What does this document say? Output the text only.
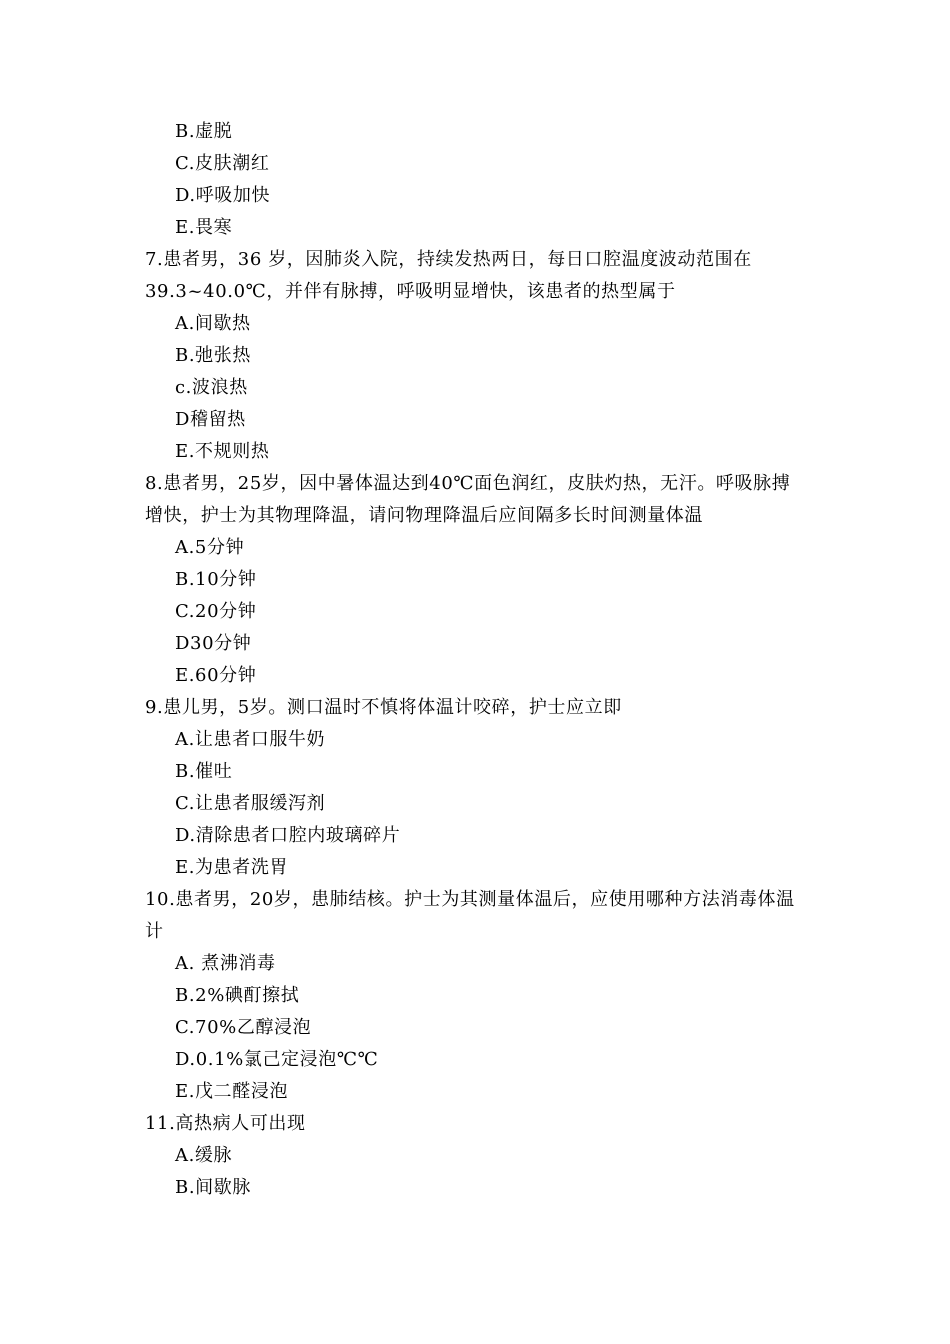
B.虚脱
C.皮肤潮红
D.呼吸加快
E.畏寒
7.患者男，36 岁，因肺炎入院，持续发热两日，每日口腔温度波动范围在
39.3~40.0℃，并伴有脉搏，呼吸明显增快，该患者的热型属于
A.间歇热
B.弛张热
c.波浪热
D稽留热
E.不规则热
8.患者男，25岁，因中暑体温达到40℃面色润红，皮肤灼热，无汗。呼吸脉搏
增快，护士为其物理降温，请问物理降温后应间隔多长时间测量体温
A.5分钟
B.10分钟
C.20分钟
D30分钟
E.60分钟
9.患儿男，5岁。测口温时不慎将体温计咬碎，护士应立即
A.让患者口服牛奶
B.催吐
C.让患者服缓泻剂
D.清除患者口腔内玻璃碎片
E.为患者洗胃
10.患者男，20岁，患肺结核。护士为其测量体温后，应使用哪种方法消毒体温
计
A. 煮沸消毒
B.2%碘酊擦拭
C.70%乙醇浸泡
D.0.1%氯己定浸泡℃℃
E.戊二醛浸泡
11.高热病人可出现
A.缓脉
B.间歇脉
